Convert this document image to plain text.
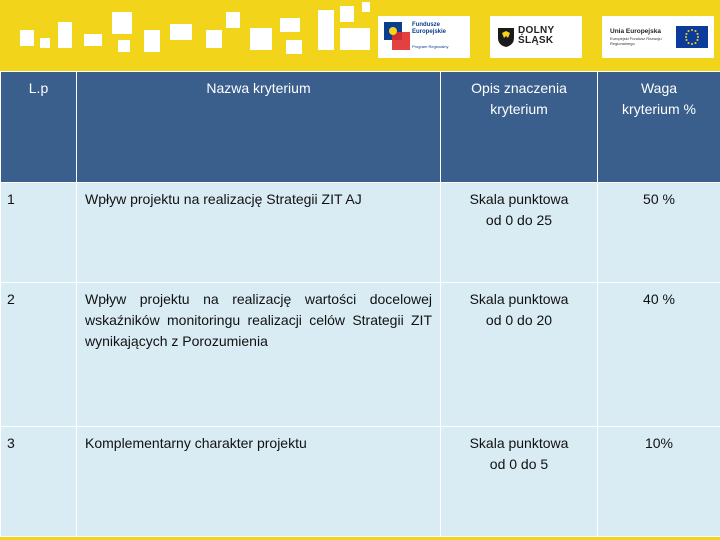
Fundusze
Europejskie
Program Regionalny
DOLNY
ŚLĄSK
Unia Europejska
Europejski Fundusz Rozwoju Regionalnego
L.p	Nazwa kryterium	Opis znaczenia kryterium	Waga kryterium %
1	Wpływ projektu na realizację Strategii ZIT AJ	Skala punktowa od 0 do 25	50 %
2	Wpływ projektu na realizację wartości docelowej wskaźników monitoringu realizacji celów Strategii ZIT wynikających z Porozumienia	Skala punktowa od 0 do 20	40 %
3	Komplementarny charakter projektu	Skala punktowa od 0 do 5	10%
